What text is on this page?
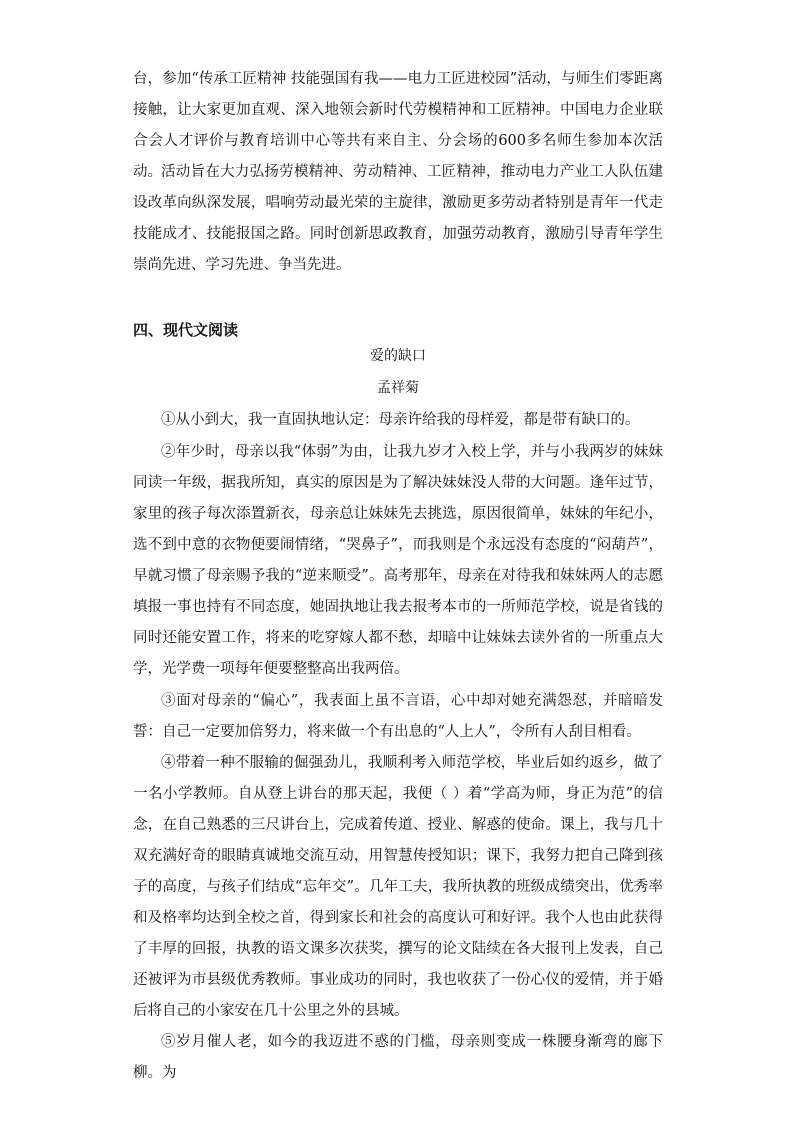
台，参加“传承工匠精神 技能强国有我——电力工匠进校园”活动，与师生们零距离接触，让大家更加直观、深入地领会新时代劳模精神和工匠精神。中国电力企业联合会人才评价与教育培训中心等共有来自主、分会场的600多名师生参加本次活动。 活动旨在大力弘扬劳模精神、劳动精神、工匠精神，推动电力产业工人队伍建设改革向纵深发展，唱响劳动最光荣的主旋律，激励更多劳动者特别是青年一代走技能成才、技能报国之路。同时创新思政教育，加强劳动教育，激励引导青年学生崇尚先进、学习先进、争当先进。

四、现代文阅读

爱的缺口

孟祥菊

①从小到大，我一直固执地认定：母亲许给我的母样爱，都是带有缺口的。

②年少时，母亲以我“体弱”为由，让我九岁才入校上学，并与小我两岁的妹妹同读一年级，据我所知，真实的原因是为了解决妹妹没人带的大问题。逢年过节，家里的孩子每次添置新衣，母亲总让妹妹先去挑选，原因很简单，妹妹的年纪小，选不到中意的衣物便要闹情绪，“哭鼻子”，而我则是个永远没有态度的“闷葫芦”，早就习惯了母亲赐予我的“逆来顺受”。高考那年，母亲在对待我和妹妹两人的志愿填报一事也持有不同态度，她固执地让我去报考本市的一所师范学校，说是省钱的同时还能安置工作，将来的吃穿嫁人都不愁，却暗中让妹妹去读外省的一所重点大学，光学费一项每年便要整整高出我两倍。

③面对母亲的“偏心”，我表面上虽不言语，心中却对她充满怨怼，并暗暗发誓：自己一定要加倍努力，将来做一个有出息的“人上人”，令所有人刮目相看。

④带着一种不服输的倔强劲儿，我顺利考入师范学校，毕业后如约返乡，做了一名小学教师。自从登上讲台的那天起，我便（ ）着“学高为师，身正为范”的信念，在自己熟悉的三尺讲台上，完成着传道、授业、解惑的使命。课上，我与几十双充满好奇的眼睛真诚地交流互动，用智慧传授知识；课下，我努力把自己降到孩子的高度，与孩子们结成“忘年交”。几年工夫，我所执教的班级成绩突出，优秀率和及格率均达到全校之首，得到家长和社会的高度认可和好评。我个人也由此获得了丰厚的回报，执教的语文课多次获奖，撰写的论文陆续在各大报刊上发表，自己还被评为市县级优秀教师。事业成功的同时，我也收获了一份心仪的爱情，并于婚后将自己的小家安在几十公里之外的县城。

⑤岁月催人老，如今的我迈进不惑的门槛，母亲则变成一株腰身渐弯的廊下柳。为
